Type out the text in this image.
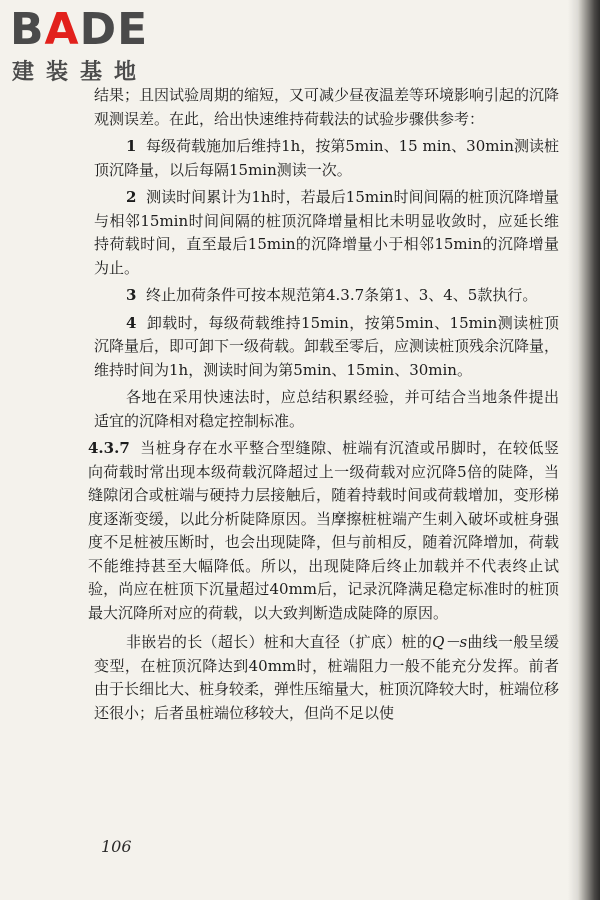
BADE
建装基地

结果；且因试验周期的缩短，又可减少昼夜温差等环境影响引起的沉降观测误差。在此，给出快速维持荷载法的试验步骤供参考：

1 每级荷载施加后维持1h，按第5min、15 min、30min测读桩顶沉降量，以后每隔15min测读一次。

2 测读时间累计为1h时，若最后15min时间间隔的桩顶沉降增量与相邻15min时间间隔的桩顶沉降增量相比未明显收敛时，应延长维持荷载时间，直至最后15min的沉降增量小于相邻15min的沉降增量为止。

3 终止加荷条件可按本规范第4.3.7条第1、3、4、5款执行。

4 卸载时，每级荷载维持15min，按第5min、15min测读桩顶沉降量后，即可卸下一级荷载。卸载至零后，应测读桩顶残余沉降量，维持时间为1h，测读时间为第5min、15min、30min。

各地在采用快速法时，应总结积累经验，并可结合当地条件提出适宜的沉降相对稳定控制标准。

4.3.7 当桩身存在水平整合型缝隙、桩端有沉渣或吊脚时，在较低竖向荷载时常出现本级荷载沉降超过上一级荷载对应沉降5倍的陡降，当缝隙闭合或桩端与硬持力层接触后，随着持载时间或荷载增加，变形梯度逐渐变缓，以此分析陡降原因。当摩擦桩桩端产生刺入破坏或桩身强度不足桩被压断时，也会出现陡降，但与前相反，随着沉降增加，荷载不能维持甚至大幅降低。所以，出现陡降后终止加载并不代表终止试验，尚应在桩顶下沉量超过40mm后，记录沉降满足稳定标准时的桩顶最大沉降所对应的荷载，以大致判断造成陡降的原因。

非嵌岩的长（超长）桩和大直径（扩底）桩的Q－s曲线一般呈缓变型，在桩顶沉降达到40mm时，桩端阻力一般不能充分发挥。前者由于长细比大、桩身较柔，弹性压缩量大，桩顶沉降较大时，桩端位移还很小；后者虽桩端位移较大，但尚不足以使

106
